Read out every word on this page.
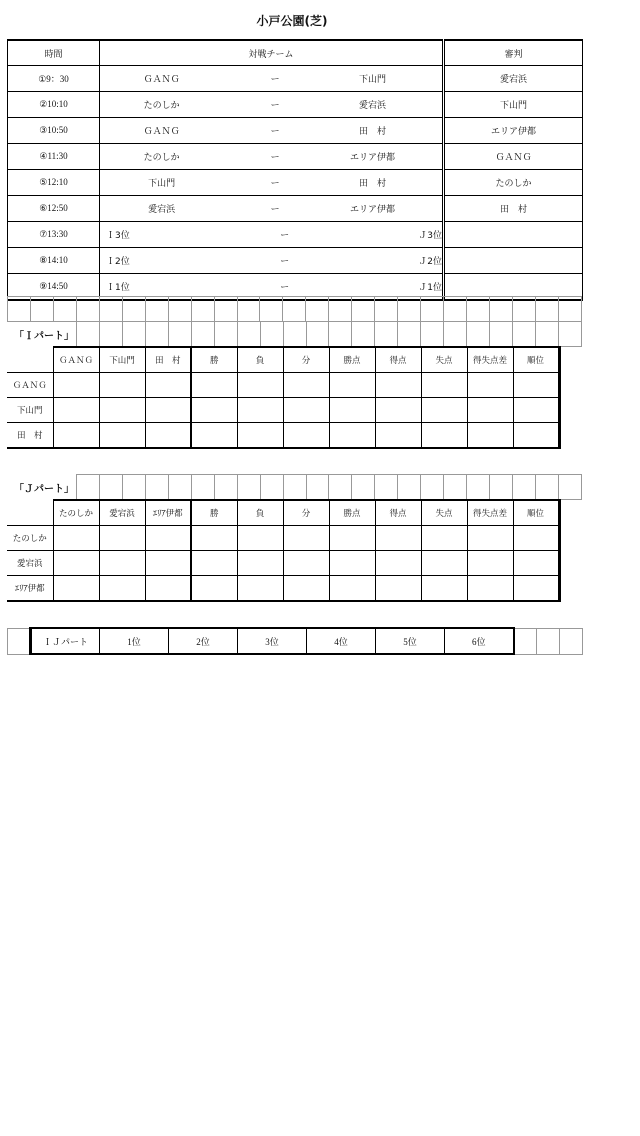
小戸公園(芝)
時間	対戦チーム	審判
①9：30	ＧＡＮＧ ー 下山門	愛宕浜
②10:10	たのしか ー 愛宕浜	下山門
③10:50	ＧＡＮＧ ー 田　村	エリア伊都
④11:30	たのしか ー エリア伊都	ＧＡＮＧ
⑤12:10	下山門 ー 田　村	たのしか
⑥12:50	愛宕浜 ー エリア伊都	田　村
⑦13:30	Ｉ3位 ー Ｊ3位	

⑧14:10	Ｉ2位 ー Ｊ2位	

⑨14:50	Ｉ1位 ー Ｊ1位	

「Ｉパート」
	ＧＡＮＧ	下山門	田　村	勝	負	分	勝点	得点	失点	得失点差	順位
ＧＡＮＧ											
下山門											
田　村											

「Ｊパート」
	たのしか	愛宕浜	ｴﾘｱ伊都	勝	負	分	勝点	得点	失点	得失点差	順位
たのしか											
愛宕浜											
ｴﾘｱ伊都											
	ＩＪパート	1位	2位	3位	4位	5位	6位			
